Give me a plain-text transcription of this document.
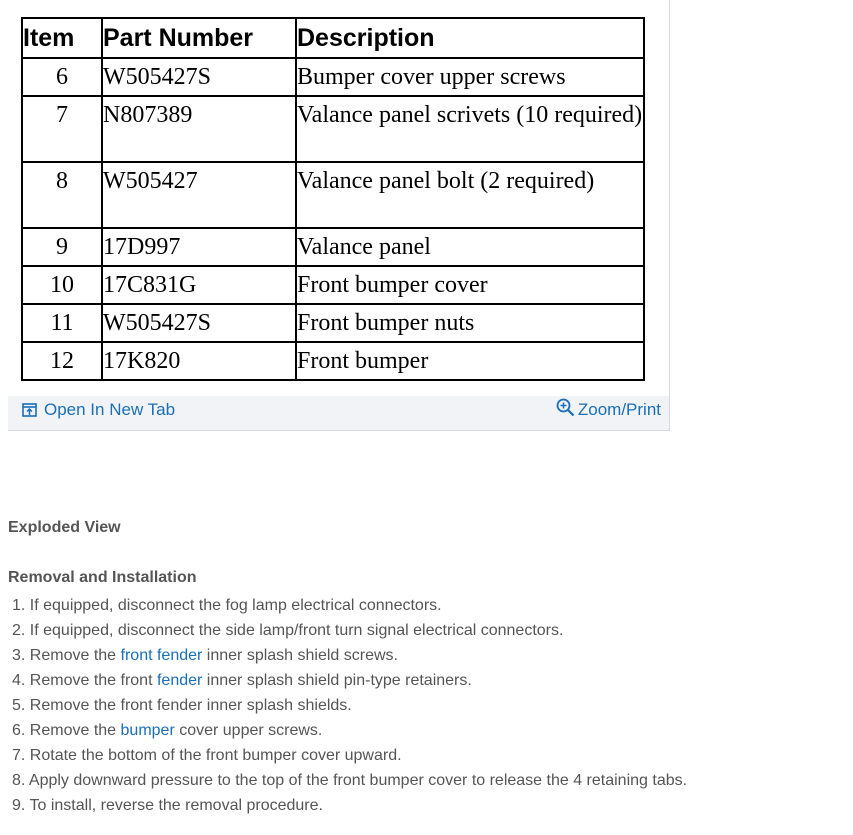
Item	Part Number	Description
6	W505427S	Bumper cover upper screws
7	N807389	Valance panel scrivets (10 required)
8	W505427	Valance panel bolt (2 required)
9	17D997	Valance panel
10	17C831G	Front bumper cover
11	W505427S	Front bumper nuts
12	17K820	Front bumper
Open In New Tab	Zoom/Print
Exploded View
Removal and Installation
1. If equipped, disconnect the fog lamp electrical connectors.
2. If equipped, disconnect the side lamp/front turn signal electrical connectors.
3. Remove the front fender inner splash shield screws.
4. Remove the front fender inner splash shield pin-type retainers.
5. Remove the front fender inner splash shields.
6. Remove the bumper cover upper screws.
7. Rotate the bottom of the front bumper cover upward.
8. Apply downward pressure to the top of the front bumper cover to release the 4 retaining tabs.
9. To install, reverse the removal procedure.
